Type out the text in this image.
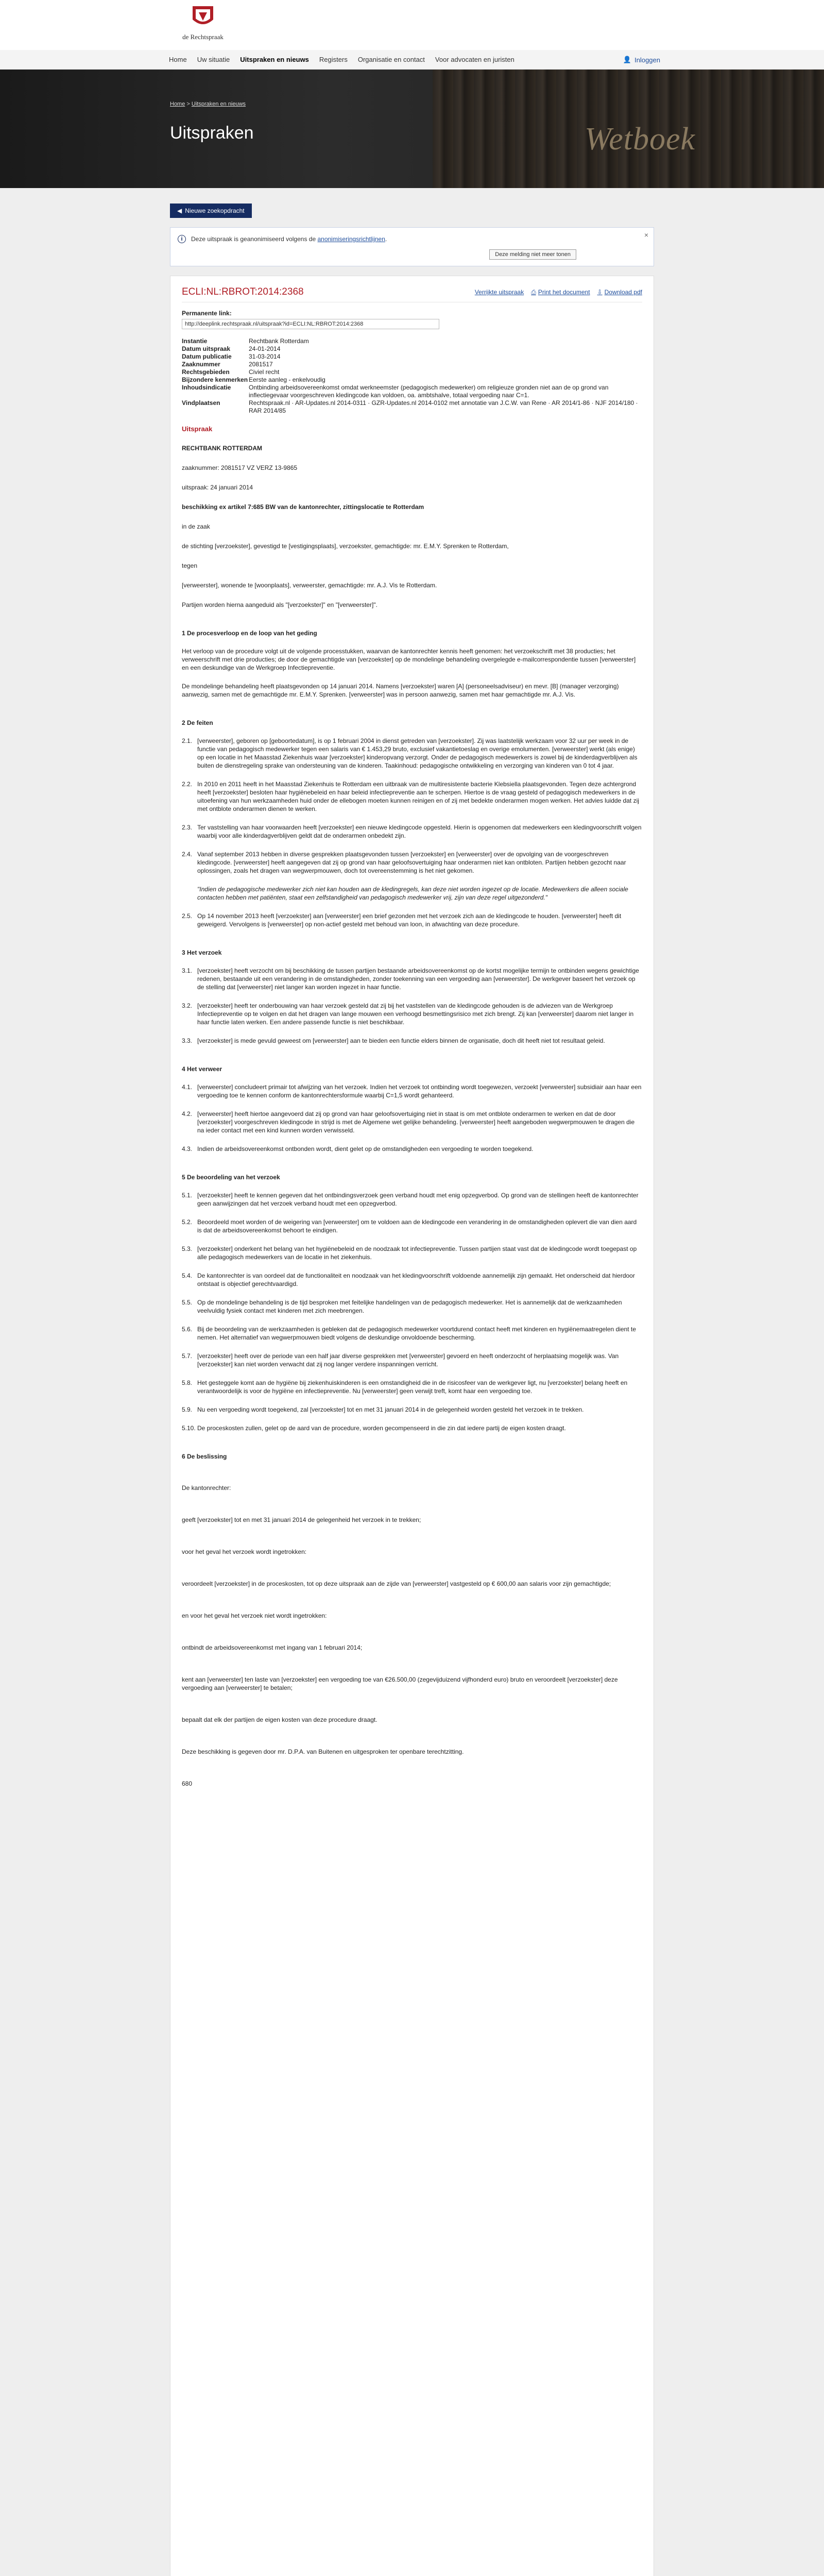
de Rechtspraak
Home	Uw situatie	Uitspraken en nieuws	Registers	Organisatie en contact	Voor advocaten en juristen	👤 Inloggen
Wetboek
Home > Uitspraken en nieuws
Uitspraken
◀ Nieuwe zoekopdracht
i	Deze uitspraak is geanonimiseerd volgens de anonimiseringsrichtlijnen.
Deze melding niet meer tonen
×
ECLI:NL:RBROT:2014:2368	Verrijkte uitspraak ⎙ Print het document ⇩ Download pdf
Permanente link:
http://deeplink.rechtspraak.nl/uitspraak?id=ECLI:NL:RBROT:2014:2368
Instantie	Rechtbank Rotterdam
Datum uitspraak	24-01-2014
Datum publicatie	31-03-2014
Zaaknummer	2081517
Rechtsgebieden	Civiel recht
Bijzondere kenmerken Eerste aanleg - enkelvoudig
Inhoudsindicatie	Ontbinding arbeidsovereenkomst omdat werkneemster (pedagogisch medewerker) om religieuze gronden niet aan de op grond van inflectiegevaar voorgeschreven kledingcode kan voldoen, oa. ambtshalve, totaal vergoeding naar C=1.
Vindplaatsen	Rechtspraak.nl · AR-Updates.nl 2014-0311 · GZR-Updates.nl 2014-0102 met annotatie van J.C.W. van Rene · AR 2014/1-86 · NJF 2014/180 · RAR 2014/85
Uitspraak
RECHTBANK ROTTERDAM
zaaknummer: 2081517 VZ VERZ 13-9865
uitspraak: 24 januari 2014
beschikking ex artikel 7:685 BW van de kantonrechter, zittingslocatie te Rotterdam
in de zaak
de stichting [verzoekster], gevestigd te [vestigingsplaats], verzoekster, gemachtigde: mr. E.M.Y. Sprenken te Rotterdam,
tegen
[verweerster], wonende te [woonplaats], verweerster, gemachtigde: mr. A.J. Vis te Rotterdam.
Partijen worden hierna aangeduid als "[verzoekster]" en "[verweerster]".
1 De procesverloop en de loop van het geding
Het verloop van de procedure volgt uit de volgende processtukken, waarvan de kantonrechter kennis heeft genomen: het verzoekschrift met 38 producties; het verweerschrift met drie producties; de door de gemachtigde van [verzoekster] op de mondelinge behandeling overgelegde e-mailcorrespondentie tussen [verweerster] en een deskundige van de Werkgroep Infectiepreventie.
De mondelinge behandeling heeft plaatsgevonden op 14 januari 2014. Namens [verzoekster] waren [A] (personeelsadviseur) en mevr. [B] (manager verzorging) aanwezig, samen met de gemachtigde mr. E.M.Y. Sprenken. [verweerster] was in persoon aanwezig, samen met haar gemachtigde mr. A.J. Vis.
2 De feiten
2.1. [verweerster], geboren op [geboortedatum], is op 1 februari 2004 in dienst getreden van [verzoekster]. Zij was laatstelijk werkzaam voor 32 uur per week in de functie van pedagogisch medewerker tegen een salaris van € 1.453,29 bruto, exclusief vakantietoeslag en overige emolumenten. [verweerster] werkt (als enige) op een locatie in het Maasstad Ziekenhuis waar [verzoekster] kinderopvang verzorgt. Onder de pedagogisch medewerkers is zowel bij de kinderdagverblijven als buiten de dienstregeling sprake van ondersteuning van de kinderen. Taakinhoud: pedagogische ontwikkeling en verzorging van kinderen van 0 tot 4 jaar.
2.2. In 2010 en 2011 heeft in het Maasstad Ziekenhuis te Rotterdam een uitbraak van de multiresistente bacterie Klebsiella plaatsgevonden. Tegen deze achtergrond heeft [verzoekster] besloten haar hygiënebeleid en haar beleid infectiepreventie aan te scherpen. Hiertoe is de vraag gesteld of pedagogisch medewerkers in de uitoefening van hun werkzaamheden huid onder de ellebogen moeten kunnen reinigen en of zij met bedekte onderarmen mogen werken. Het advies luidde dat zij met ontblote onderarmen dienen te werken.
2.3. Ter vaststelling van haar voorwaarden heeft [verzoekster] een nieuwe kledingcode opgesteld. Hierin is opgenomen dat medewerkers een kledingvoorschrift volgen waarbij voor alle kinderdagverblijven geldt dat de onderarmen onbedekt zijn.
2.4. Vanaf september 2013 hebben in diverse gesprekken plaatsgevonden tussen [verzoekster] en [verweerster] over de opvolging van de voorgeschreven kledingcode. [verweerster] heeft aangegeven dat zij op grond van haar geloofsovertuiging haar onderarmen niet kan ontbloten. Partijen hebben gezocht naar oplossingen, zoals het dragen van wegwerpmouwen, doch tot overeenstemming is het niet gekomen.
"Indien de pedagogische medewerker zich niet kan houden aan de kledingregels, kan deze niet worden ingezet op de locatie. Medewerkers die alleen sociale contacten hebben met patiënten, staat een zelfstandigheid van pedagogisch medewerker vrij, zijn van deze regel uitgezonderd."
2.5. Op 14 november 2013 heeft [verzoekster] aan [verweerster] een brief gezonden met het verzoek zich aan de kledingcode te houden. [verweerster] heeft dit geweigerd. Vervolgens is [verweerster] op non-actief gesteld met behoud van loon, in afwachting van deze procedure.
3 Het verzoek
3.1. [verzoekster] heeft verzocht om bij beschikking de tussen partijen bestaande arbeidsovereenkomst op de kortst mogelijke termijn te ontbinden wegens gewichtige redenen, bestaande uit een verandering in de omstandigheden, zonder toekenning van een vergoeding aan [verweerster]. De werkgever baseert het verzoek op de stelling dat [verweerster] niet langer kan worden ingezet in haar functie.
3.2. [verzoekster] heeft ter onderbouwing van haar verzoek gesteld dat zij bij het vaststellen van de kledingcode gehouden is de adviezen van de Werkgroep Infectiepreventie op te volgen en dat het dragen van lange mouwen een verhoogd besmettingsrisico met zich brengt. Zij kan [verweerster] daarom niet langer in haar functie laten werken. Een andere passende functie is niet beschikbaar.
3.3. [verzoekster] is mede gevuld geweest om [verweerster] aan te bieden een functie elders binnen de organisatie, doch dit heeft niet tot resultaat geleid.
4 Het verweer
4.1. [verweerster] concludeert primair tot afwijzing van het verzoek. Indien het verzoek tot ontbinding wordt toegewezen, verzoekt [verweerster] subsidiair aan haar een vergoeding toe te kennen conform de kantonrechtersformule waarbij C=1,5 wordt gehanteerd.
4.2. [verweerster] heeft hiertoe aangevoerd dat zij op grond van haar geloofsovertuiging niet in staat is om met ontblote onderarmen te werken en dat de door [verzoekster] voorgeschreven kledingcode in strijd is met de Algemene wet gelijke behandeling. [verweerster] heeft aangeboden wegwerpmouwen te dragen die na ieder contact met een kind kunnen worden verwisseld.
4.3. Indien de arbeidsovereenkomst ontbonden wordt, dient gelet op de omstandigheden een vergoeding te worden toegekend.
5 De beoordeling van het verzoek
5.1. [verzoekster] heeft te kennen gegeven dat het ontbindingsverzoek geen verband houdt met enig opzegverbod. Op grond van de stellingen heeft de kantonrechter geen aanwijzingen dat het verzoek verband houdt met een opzegverbod.
5.2. Beoordeeld moet worden of de weigering van [verweerster] om te voldoen aan de kledingcode een verandering in de omstandigheden oplevert die van dien aard is dat de arbeidsovereenkomst behoort te eindigen.
5.3. [verzoekster] onderkent het belang van het hygiënebeleid en de noodzaak tot infectiepreventie. Tussen partijen staat vast dat de kledingcode wordt toegepast op alle pedagogisch medewerkers van de locatie in het ziekenhuis.
5.4. De kantonrechter is van oordeel dat de functionaliteit en noodzaak van het kledingvoorschrift voldoende aannemelijk zijn gemaakt. Het onderscheid dat hierdoor ontstaat is objectief gerechtvaardigd.
5.5. Op de mondelinge behandeling is de tijd besproken met feitelijke handelingen van de pedagogisch medewerker. Het is aannemelijk dat de werkzaamheden veelvuldig fysiek contact met kinderen met zich meebrengen.
5.6. Bij de beoordeling van de werkzaamheden is gebleken dat de pedagogisch medewerker voortdurend contact heeft met kinderen en hygiënemaatregelen dient te nemen. Het alternatief van wegwerpmouwen biedt volgens de deskundige onvoldoende bescherming.
5.7. [verzoekster] heeft over de periode van een half jaar diverse gesprekken met [verweerster] gevoerd en heeft onderzocht of herplaatsing mogelijk was. Van [verzoekster] kan niet worden verwacht dat zij nog langer verdere inspanningen verricht.
5.8. Het gesteggele komt aan de hygiëne bij ziekenhuiskinderen is een omstandigheid die in de risicosfeer van de werkgever ligt, nu [verzoekster] belang heeft en verantwoordelijk is voor de hygiëne en infectiepreventie. Nu [verweerster] geen verwijt treft, komt haar een vergoeding toe.
5.9. Nu een vergoeding wordt toegekend, zal [verzoekster] tot en met 31 januari 2014 in de gelegenheid worden gesteld het verzoek in te trekken.
5.10. De proceskosten zullen, gelet op de aard van de procedure, worden gecompenseerd in die zin dat iedere partij de eigen kosten draagt.
6 De beslissing
De kantonrechter:
geeft [verzoekster] tot en met 31 januari 2014 de gelegenheid het verzoek in te trekken;
voor het geval het verzoek wordt ingetrokken:
veroordeelt [verzoekster] in de proceskosten, tot op deze uitspraak aan de zijde van [verweerster] vastgesteld op € 600,00 aan salaris voor zijn gemachtigde;
en voor het geval het verzoek niet wordt ingetrokken:
ontbindt de arbeidsovereenkomst met ingang van 1 februari 2014;
kent aan [verweerster] ten laste van [verzoekster] een vergoeding toe van €26.500,00 (zegevijduizend vijfhonderd euro) bruto en veroordeelt [verzoekster] deze vergoeding aan [verweerster] te betalen;
bepaalt dat elk der partijen de eigen kosten van deze procedure draagt.
Deze beschikking is gegeven door mr. D.P.A. van Buitenen en uitgesproken ter openbare terechtzitting.
680
